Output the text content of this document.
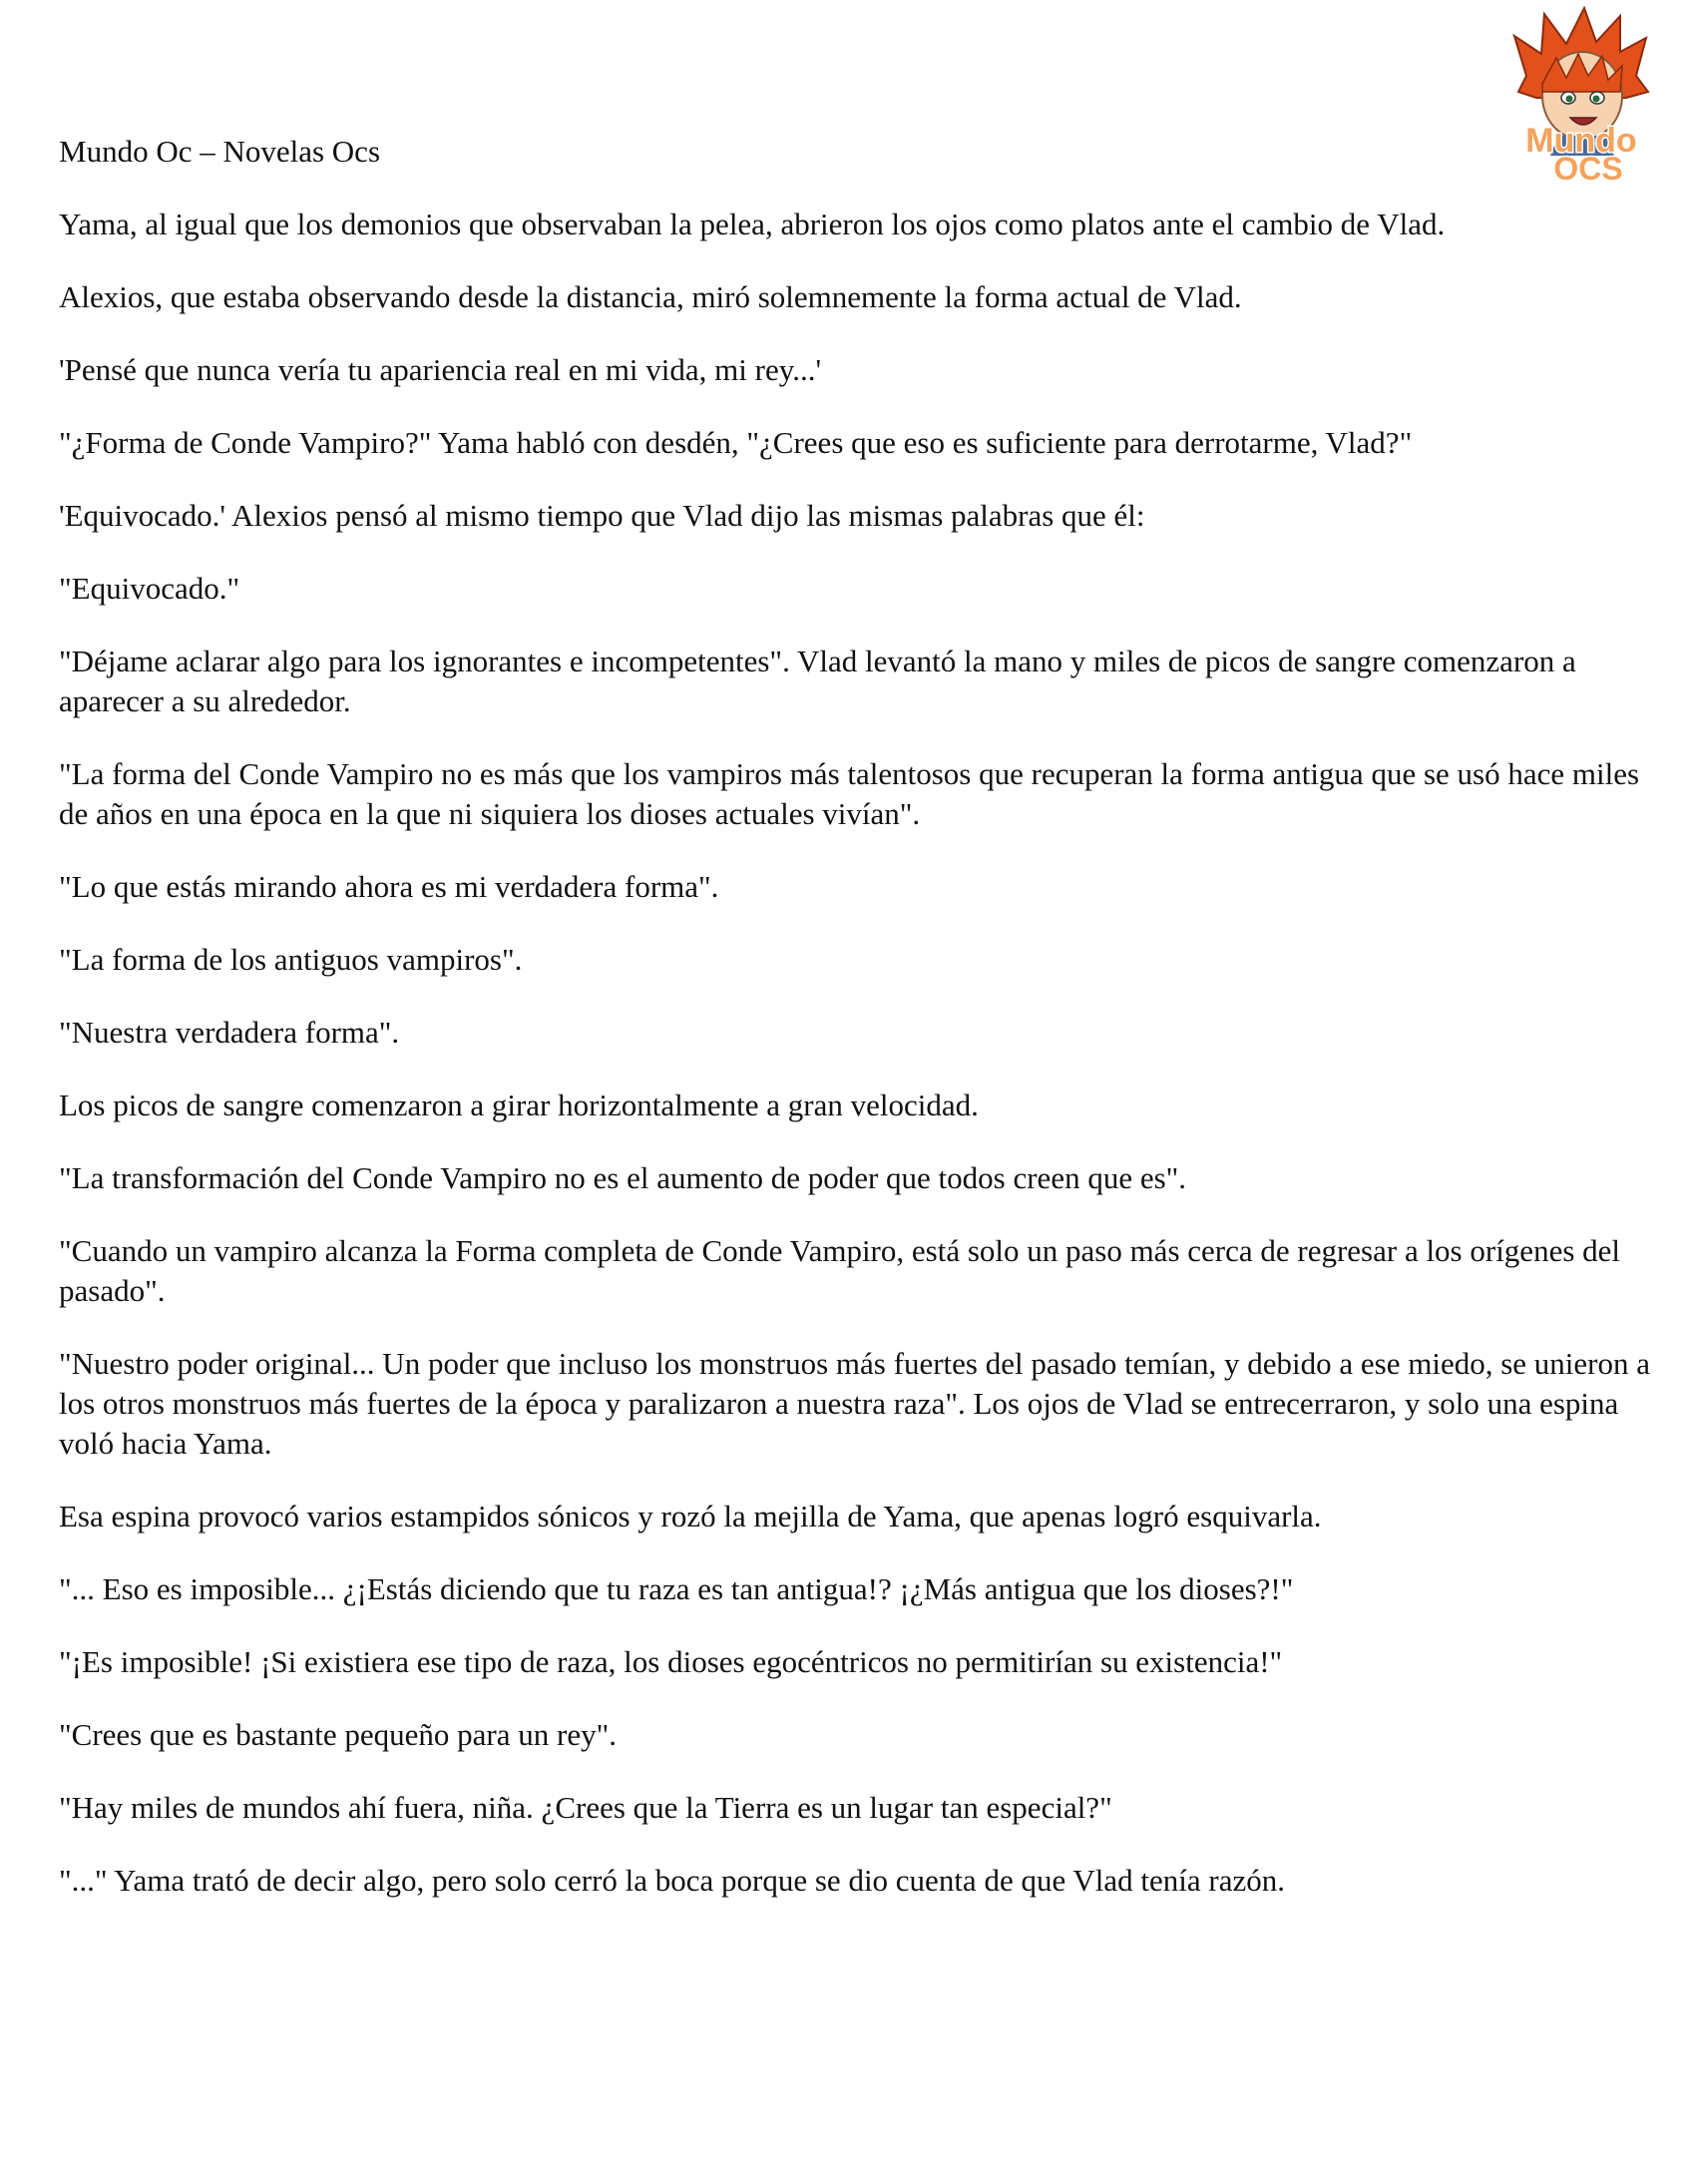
Mundo
OCS
Mundo Oc – Novelas Ocs

Yama, al igual que los demonios que observaban la pelea, abrieron los ojos como platos ante el cambio de Vlad.

Alexios, que estaba observando desde la distancia, miró solemnemente la forma actual de Vlad.

'Pensé que nunca vería tu apariencia real en mi vida, mi rey...'

"¿Forma de Conde Vampiro?" Yama habló con desdén, "¿Crees que eso es suficiente para derrotarme, Vlad?"

'Equivocado.' Alexios pensó al mismo tiempo que Vlad dijo las mismas palabras que él:

"Equivocado."

"Déjame aclarar algo para los ignorantes e incompetentes". Vlad levantó la mano y miles de picos de sangre comenzaron a aparecer a su alrededor.

"La forma del Conde Vampiro no es más que los vampiros más talentosos que recuperan la forma antigua que se usó hace miles de años en una época en la que ni siquiera los dioses actuales vivían".

"Lo que estás mirando ahora es mi verdadera forma".

"La forma de los antiguos vampiros".

"Nuestra verdadera forma".

Los picos de sangre comenzaron a girar horizontalmente a gran velocidad.

"La transformación del Conde Vampiro no es el aumento de poder que todos creen que es".

"Cuando un vampiro alcanza la Forma completa de Conde Vampiro, está solo un paso más cerca de regresar a los orígenes del pasado".

"Nuestro poder original... Un poder que incluso los monstruos más fuertes del pasado temían, y debido a ese miedo, se unieron a los otros monstruos más fuertes de la época y paralizaron a nuestra raza". Los ojos de Vlad se entrecerraron, y solo una espina voló hacia Yama.

Esa espina provocó varios estampidos sónicos y rozó la mejilla de Yama, que apenas logró esquivarla.

"... Eso es imposible... ¿¡Estás diciendo que tu raza es tan antigua!? ¡¿Más antigua que los dioses?!"

"¡Es imposible! ¡Si existiera ese tipo de raza, los dioses egocéntricos no permitirían su existencia!"

"Crees que es bastante pequeño para un rey".

"Hay miles de mundos ahí fuera, niña. ¿Crees que la Tierra es un lugar tan especial?"

"..." Yama trató de decir algo, pero solo cerró la boca porque se dio cuenta de que Vlad tenía razón.
